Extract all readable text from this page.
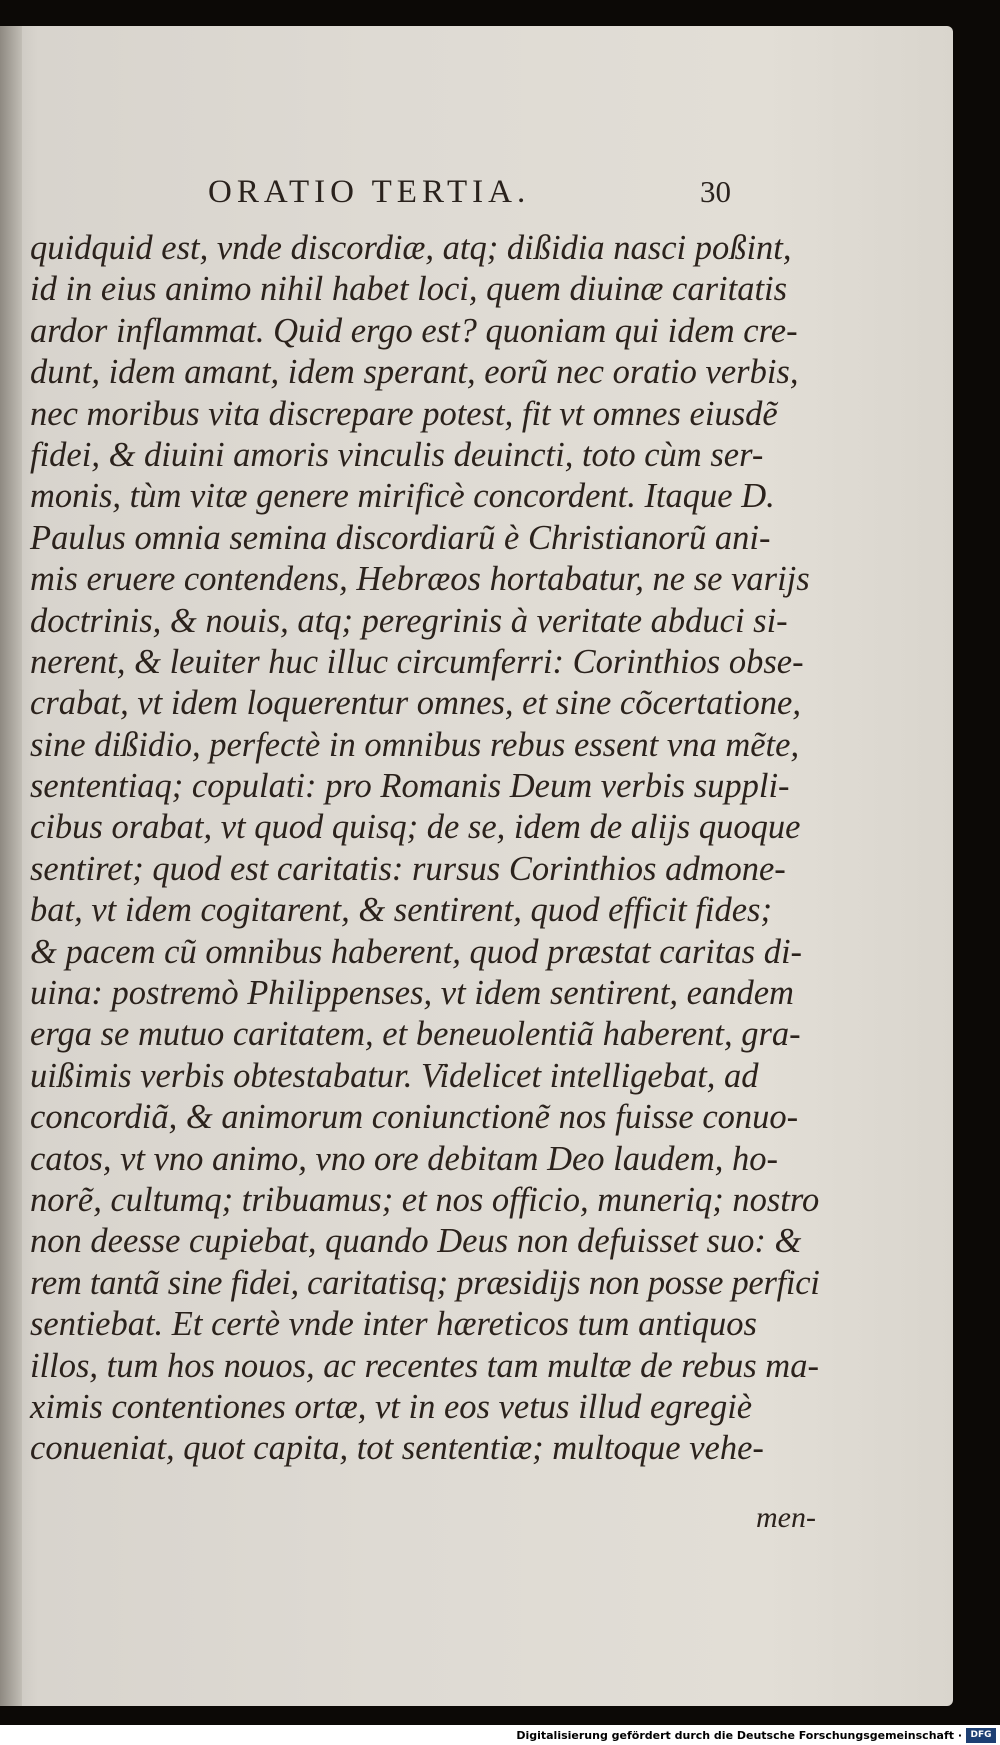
ORATIO TERTIA.	30
quidquid est, vnde discordiæ, atq; dißidia nasci poßint,
id in eius animo nihil habet loci, quem diuinæ caritatis
ardor inflammat. Quid ergo est? quoniam qui idem cre-
dunt, idem amant, idem sperant, eorũ nec oratio verbis,
nec moribus vita discrepare potest, fit vt omnes eiusdẽ
fidei, & diuini amoris vinculis deuincti, toto cùm ser-
monis, tùm vitæ genere mirificè concordent. Itaque D.
Paulus omnia semina discordiarũ è Christianorũ ani-
mis eruere contendens, Hebræos hortabatur, ne se varijs
doctrinis, & nouis, atq; peregrinis à veritate abduci si-
nerent, & leuiter huc illuc circumferri: Corinthios obse-
crabat, vt idem loquerentur omnes, et sine cõcertatione,
sine dißidio, perfectè in omnibus rebus essent vna mẽte,
sententiaq; copulati: pro Romanis Deum verbis suppli-
cibus orabat, vt quod quisq; de se, idem de alijs quoque
sentiret; quod est caritatis: rursus Corinthios admone-
bat, vt idem cogitarent, & sentirent, quod efficit fides;
& pacem cũ omnibus haberent, quod præstat caritas di-
uina: postremò Philippenses, vt idem sentirent, eandem
erga se mutuo caritatem, et beneuolentiã haberent, gra-
uißimis verbis obtestabatur. Videlicet intelligebat, ad
concordiã, & animorum coniunctionẽ nos fuisse conuo-
catos, vt vno animo, vno ore debitam Deo laudem, ho-
norẽ, cultumq; tribuamus; et nos officio, munerіq; nostro
non deesse cupiebat, quando Deus non defuisset suo: &
rem tantã sine fidei, caritatisq; præsidijs non posse perfici
sentiebat. Et certè vnde inter hæreticos tum antiquos
illos, tum hos nouos, ac recentes tam multæ de rebus ma-
ximis contentiones ortæ, vt in eos vetus illud egregiè
conueniat, quot capita, tot sententiæ; multoque vehe-
men-
Digitalisierung gefördert durch die Deutsche Forschungsgemeinschaft · DFG
